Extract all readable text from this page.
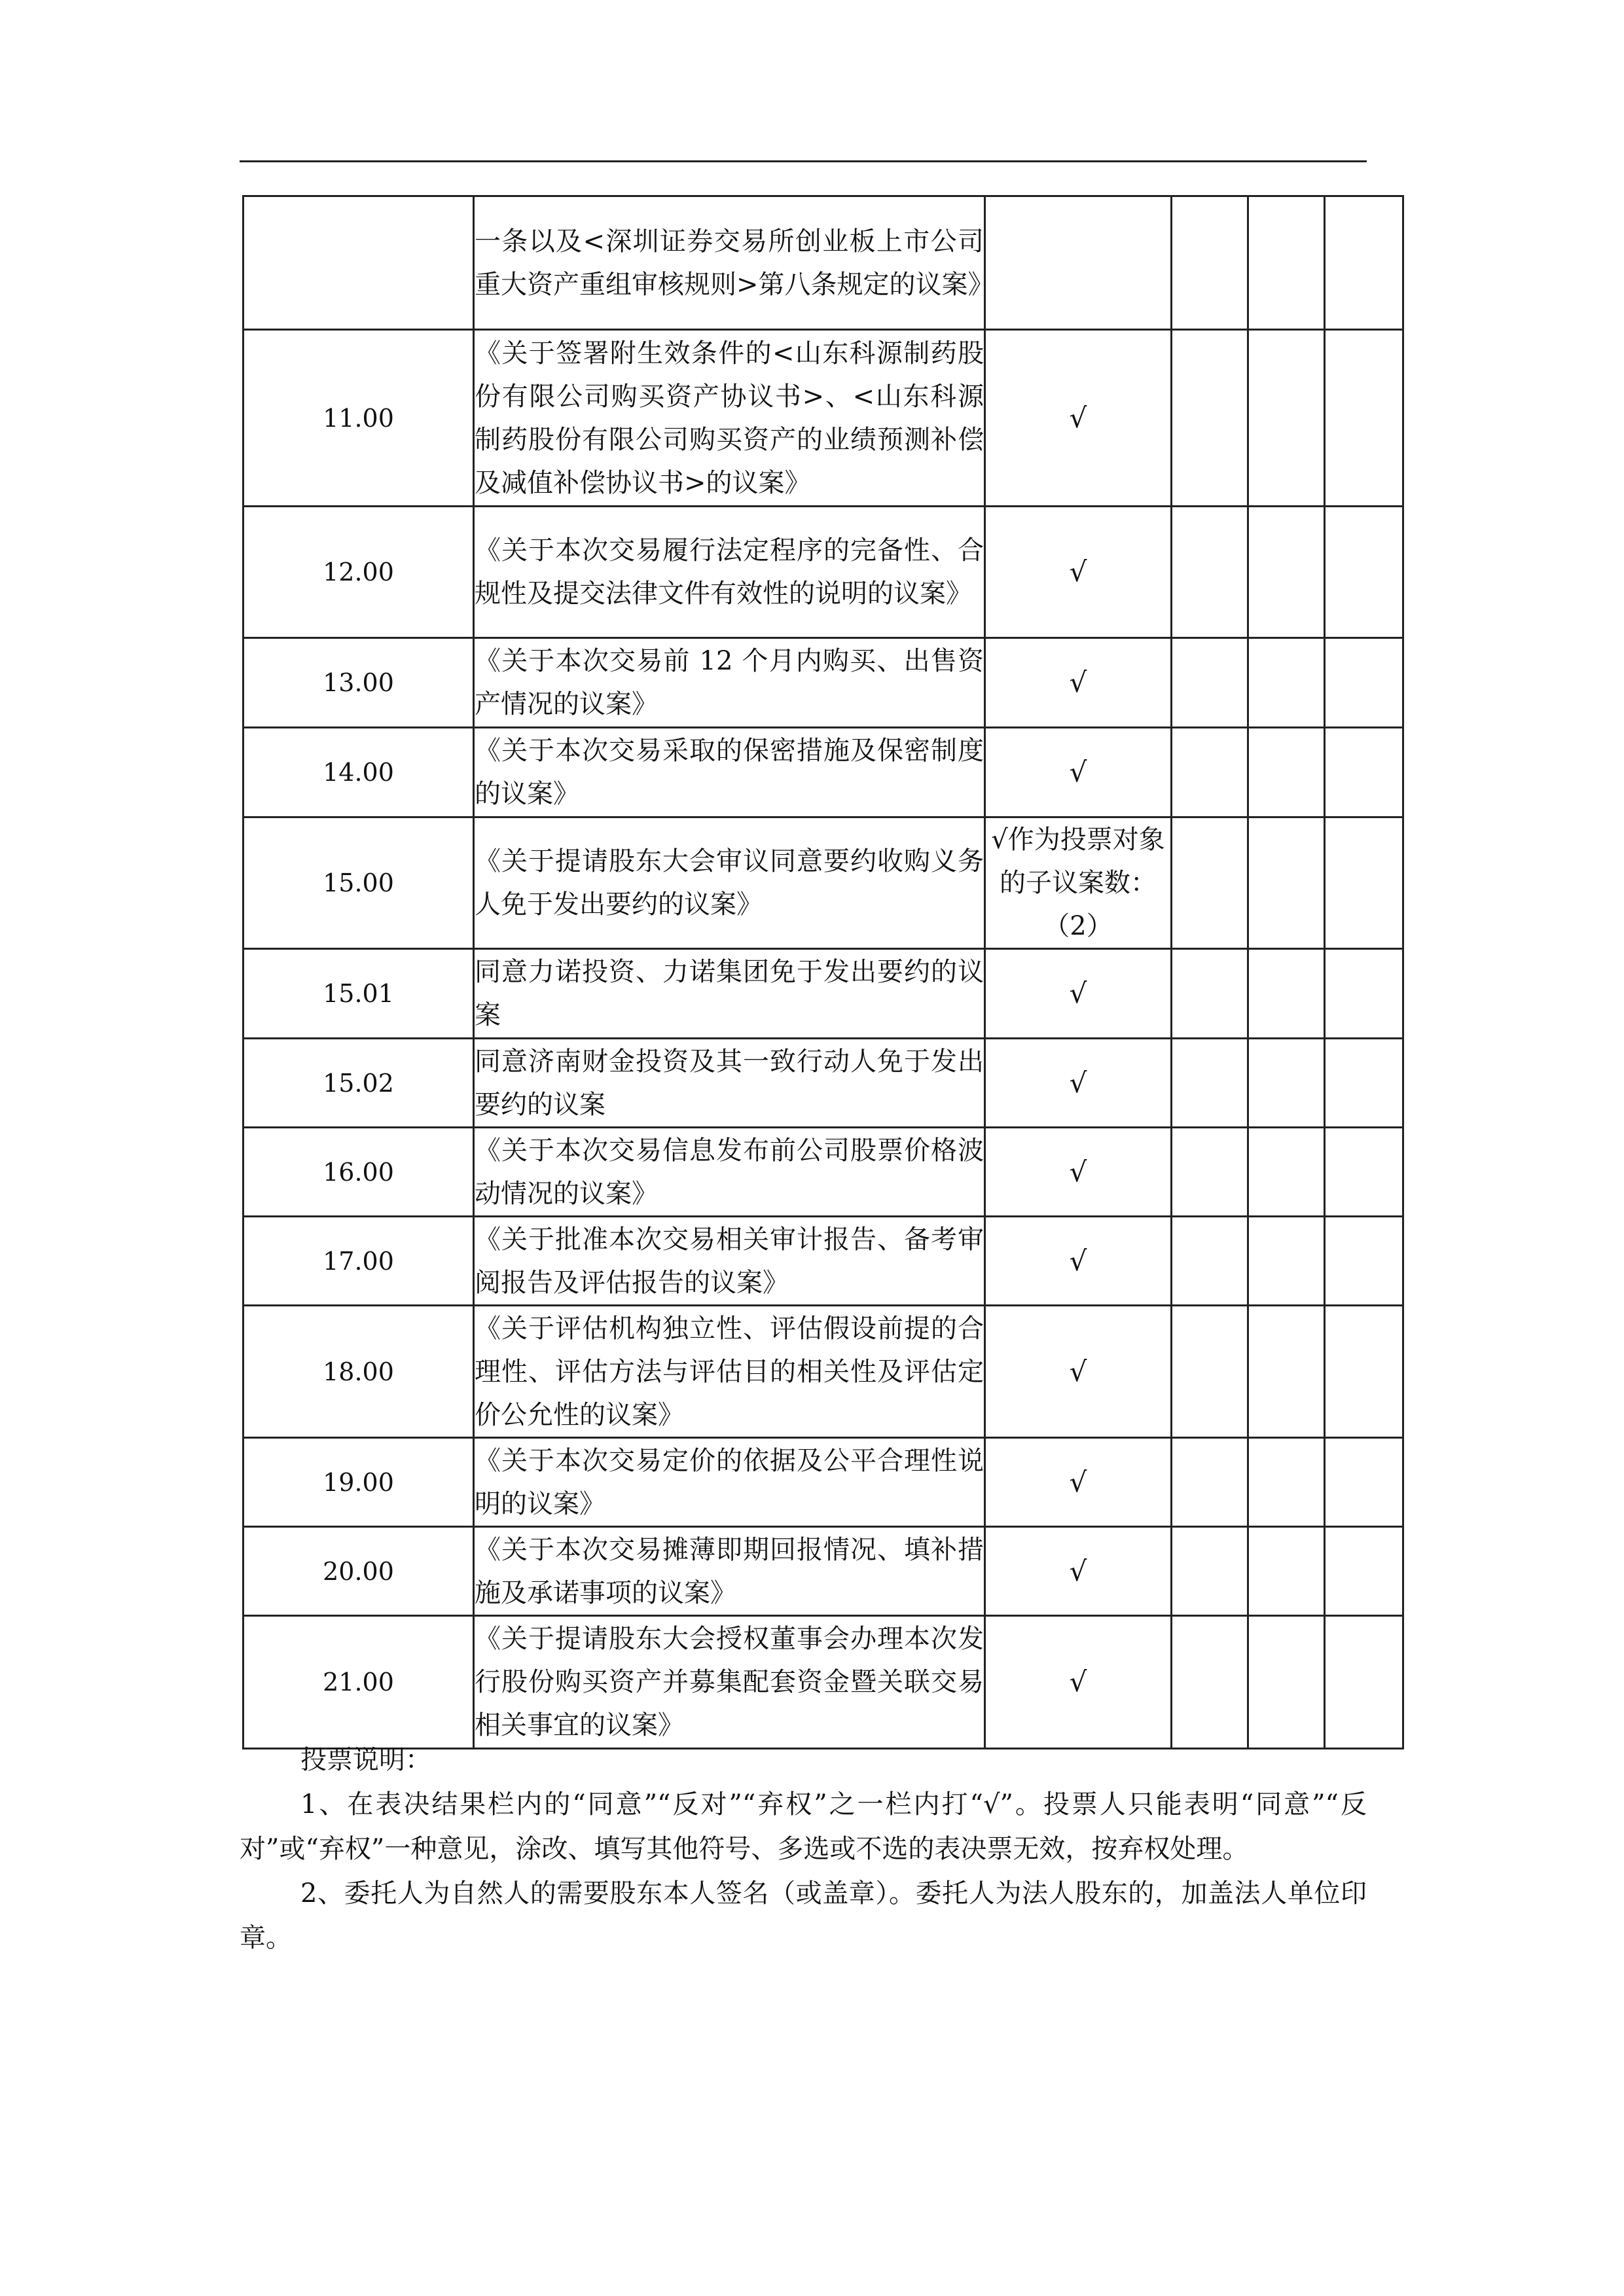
	一条以及<深圳证券交易所创业板上市公司重大资产重组审核规则>第八条规定的议案》				
11.00	《关于签署附生效条件的<山东科源制药股份有限公司购买资产协议书>、<山东科源制药股份有限公司购买资产的业绩预测补偿及减值补偿协议书>的议案》	√			
12.00	《关于本次交易履行法定程序的完备性、合规性及提交法律文件有效性的说明的议案》	√			
13.00	《关于本次交易前 12 个月内购买、出售资产情况的议案》	√			
14.00	《关于本次交易采取的保密措施及保密制度的议案》	√			
15.00	《关于提请股东大会审议同意要约收购义务人免于发出要约的议案》	√作为投票对象的子议案数：（2）			
15.01	同意力诺投资、力诺集团免于发出要约的议案	√			
15.02	同意济南财金投资及其一致行动人免于发出要约的议案	√			
16.00	《关于本次交易信息发布前公司股票价格波动情况的议案》	√			
17.00	《关于批准本次交易相关审计报告、备考审阅报告及评估报告的议案》	√			
18.00	《关于评估机构独立性、评估假设前提的合理性、评估方法与评估目的相关性及评估定价公允性的议案》	√			
19.00	《关于本次交易定价的依据及公平合理性说明的议案》	√			
20.00	《关于本次交易摊薄即期回报情况、填补措施及承诺事项的议案》	√			
21.00	《关于提请股东大会授权董事会办理本次发行股份购买资产并募集配套资金暨关联交易相关事宜的议案》	√			

投票说明：

1、在表决结果栏内的“同意”“反对”“弃权”之一栏内打“√”。投票人只能表明“同意”“反对”或“弃权”一种意见，涂改、填写其他符号、多选或不选的表决票无效，按弃权处理。

2、委托人为自然人的需要股东本人签名（或盖章）。委托人为法人股东的，加盖法人单位印章。
